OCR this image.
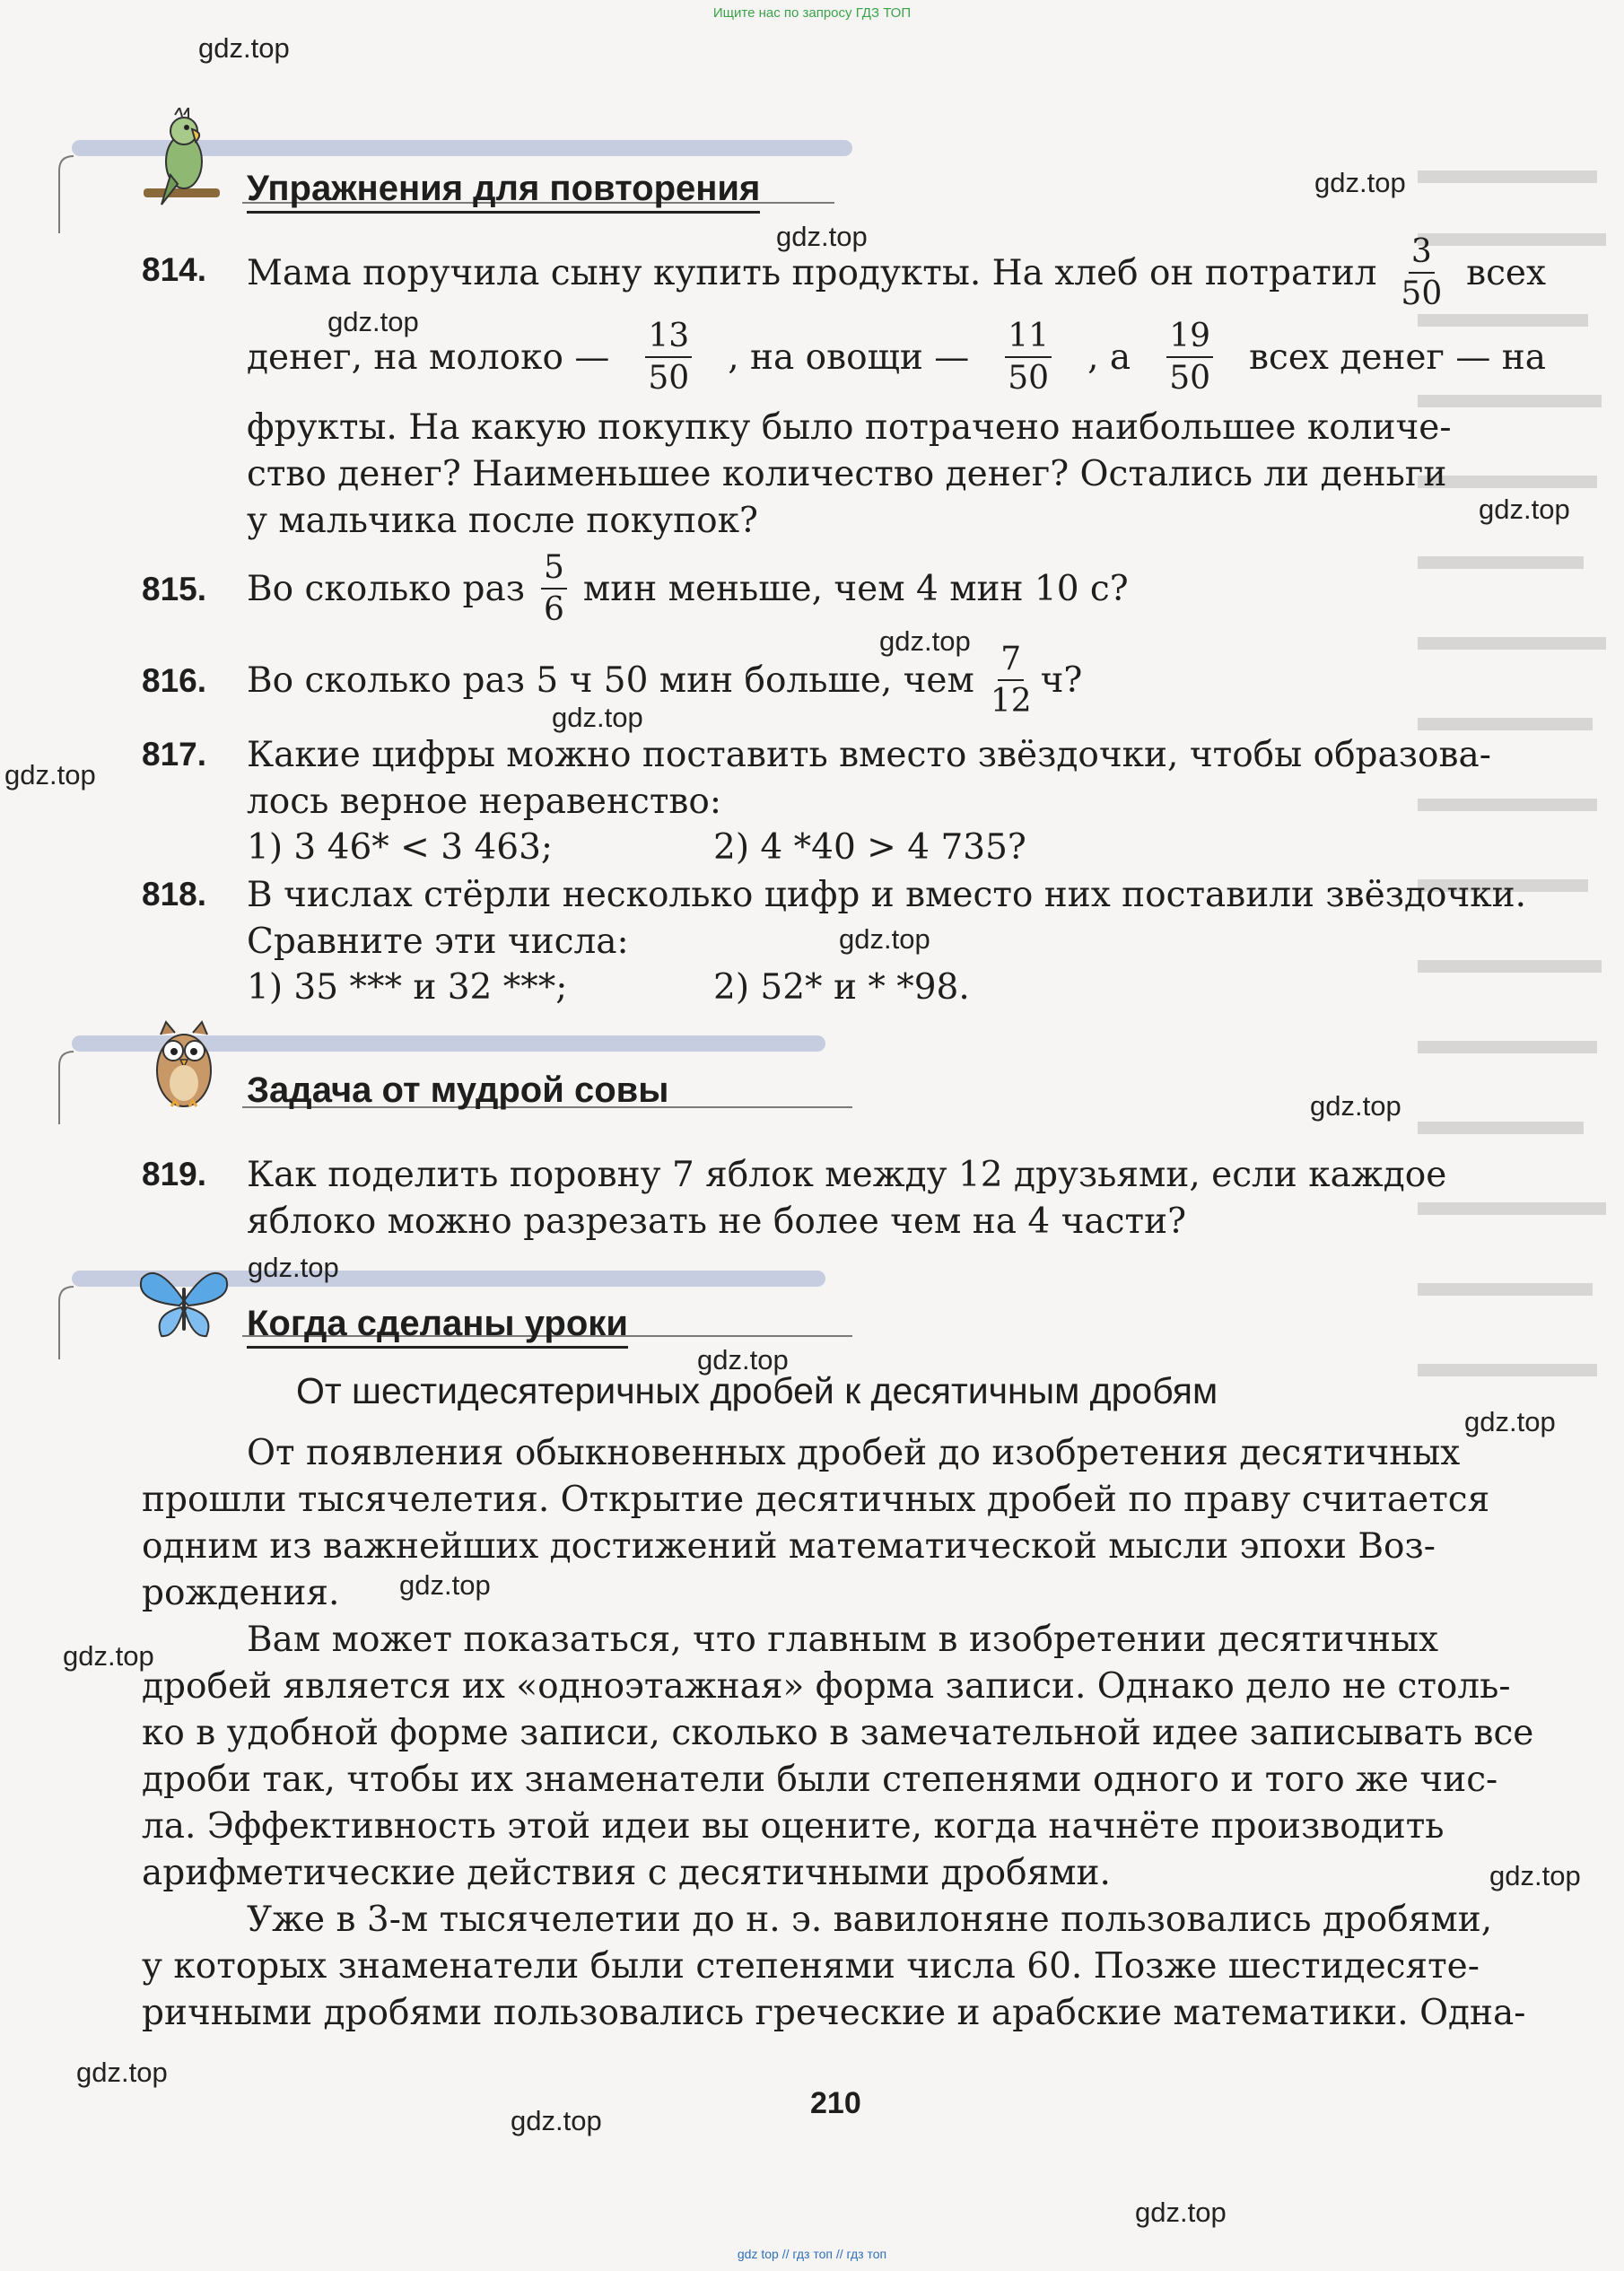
Ищите нас по запросу ГДЗ ТОП
gdz top // гдз топ // гдз топ
Упражнения для повторения
814. Мама поручила сыну купить продукты. На хлеб он потратил $\frac{3}{50}$ всех
денег, на молоко — $\frac{13}{50}$ , на овощи — $\frac{11}{50}$ , а $\frac{19}{50}$ всех денег — на
фрукты. На какую покупку было потрачено наибольшее количе-
ство денег? Наименьшее количество денег? Остались ли деньги
у мальчика после покупок?
815. Во сколько раз $\frac{5}{6}$ мин меньше, чем 4 мин 10 с?
816. Во сколько раз 5 ч 50 мин больше, чем $\frac{7}{12} ч$?
817. Какие цифры можно поставить вместо звёздочки, чтобы образова-
лось верное неравенство:
1) 3 46* < 3 463;	2) 4 *40 > 4 735?
818. В числах стёрли несколько цифр и вместо них поставили звёздочки.
Сравните эти числа:
1) 35 *** и 32 ***;	2) 52* и * *98.
Задача от мудрой совы
819. Как поделить поровну 7 яблок между 12 друзьями, если каждое
яблоко можно разрезать не более чем на 4 части?
Когда сделаны уроки
От шестидесятеричных дробей к десятичным дробям
От появления обыкновенных дробей до изобретения десятичных
прошли тысячелетия. Открытие десятичных дробей по праву считается
одним из важнейших достижений математической мысли эпохи Воз-
рождения.
Вам может показаться, что главным в изобретении десятичных
дробей является их «одноэтажная» форма записи. Однако дело не столь-
ко в удобной форме записи, сколько в замечательной идее записывать все
дроби так, чтобы их знаменатели были степенями одного и того же чис-
ла. Эффективность этой идеи вы оцените, когда начнёте производить
арифметические действия с десятичными дробями.
Уже в 3-м тысячелетии до н. э. вавилоняне пользовались дробями,
у которых знаменатели были степенями числа 60. Позже шестидесяте-
ричными дробями пользовались греческие и арабские математики. Одна-
210
gdz.top
gdz.top
gdz.top
gdz.top
gdz.top
gdz.top
gdz.top
gdz.top
gdz.top
gdz.top
gdz.top
gdz.top
gdz.top
gdz.top
gdz.top
gdz.top
gdz.top
gdz.top
gdz.top
